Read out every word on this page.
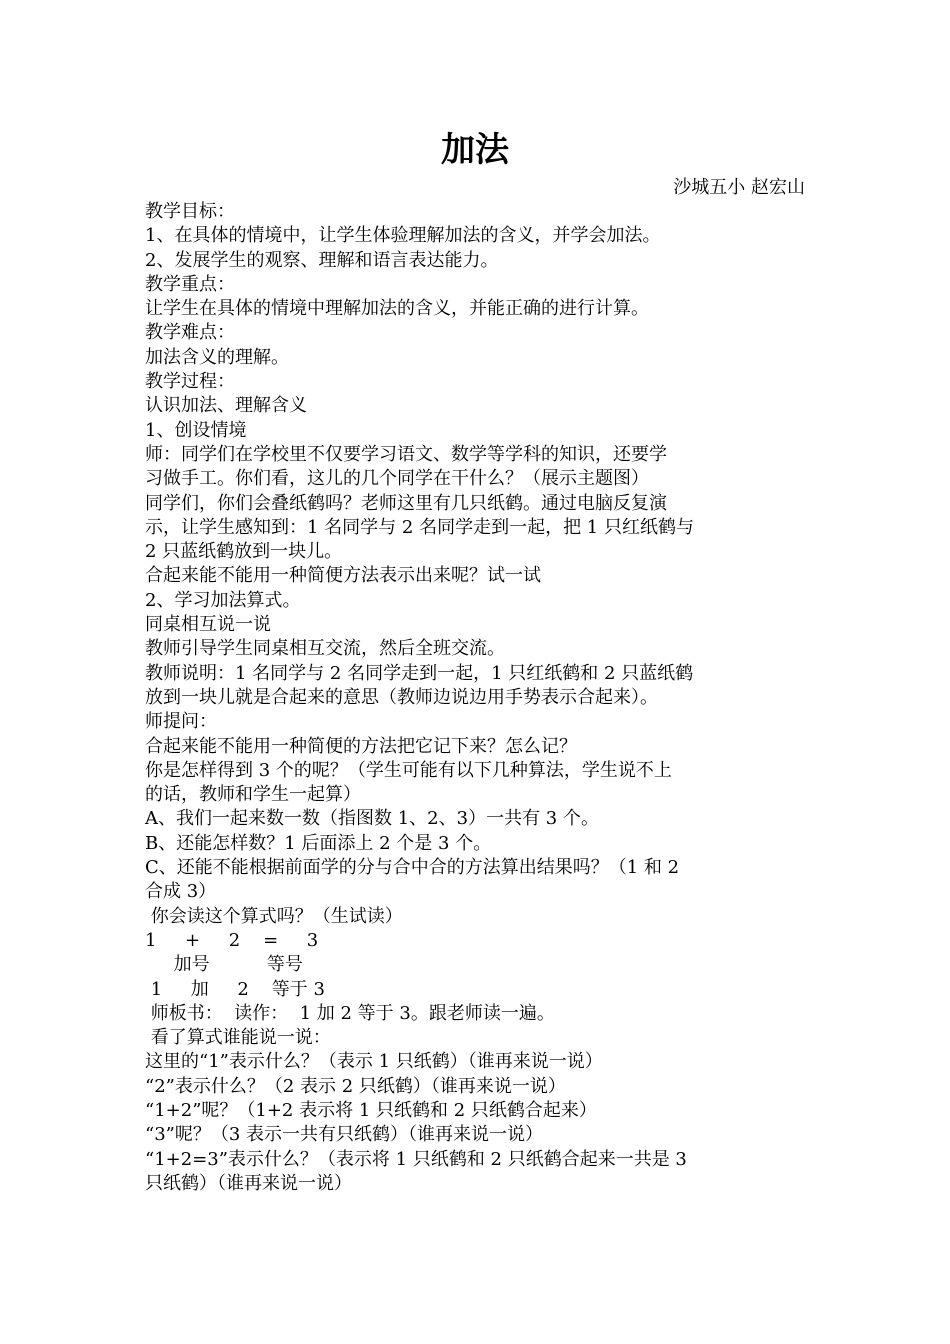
加法
沙城五小 赵宏山
教学目标：
1、在具体的情境中，让学生体验理解加法的含义，并学会加法。
2、发展学生的观察、理解和语言表达能力。
教学重点：
让学生在具体的情境中理解加法的含义，并能正确的进行计算。
教学难点：
加法含义的理解。
教学过程：
认识加法、理解含义
1、创设情境
师：同学们在学校里不仅要学习语文、数学等学科的知识，还要学
习做手工。你们看，这儿的几个同学在干什么？（展示主题图）
同学们，你们会叠纸鹤吗？老师这里有几只纸鹤。通过电脑反复演
示，让学生感知到：1 名同学与 2 名同学走到一起，把 1 只红纸鹤与
2 只蓝纸鹤放到一块儿。
合起来能不能用一种简便方法表示出来呢？试一试
2、学习加法算式。
同桌相互说一说
教师引导学生同桌相互交流，然后全班交流。
教师说明：1 名同学与 2 名同学走到一起，1 只红纸鹤和 2 只蓝纸鹤
放到一块儿就是合起来的意思（教师边说边用手势表示合起来）。
师提问：
合起来能不能用一种简便的方法把它记下来？怎么记？
你是怎样得到 3 个的呢？（学生可能有以下几种算法，学生说不上
的话，教师和学生一起算）
A、我们一起来数一数（指图数 1、2、3）一共有 3 个。
B、还能怎样数？1 后面添上 2 个是 3 个。
C、还能不能根据前面学的分与合中合的方法算出结果吗？（1 和 2
合成 3）
你会读这个算式吗？（生试读）
1     +     2    =     3
加号          等号
1     加     2    等于 3
师板书：  读作：  1 加 2 等于 3。跟老师读一遍。
看了算式谁能说一说：
这里的“1”表示什么？（表示 1 只纸鹤）（谁再来说一说）
“2”表示什么？（2 表示 2 只纸鹤）（谁再来说一说）
“1+2”呢？（1+2 表示将 1 只纸鹤和 2 只纸鹤合起来）
“3”呢？（3 表示一共有只纸鹤）（谁再来说一说）
“1+2=3”表示什么？（表示将 1 只纸鹤和 2 只纸鹤合起来一共是 3
只纸鹤）（谁再来说一说）
